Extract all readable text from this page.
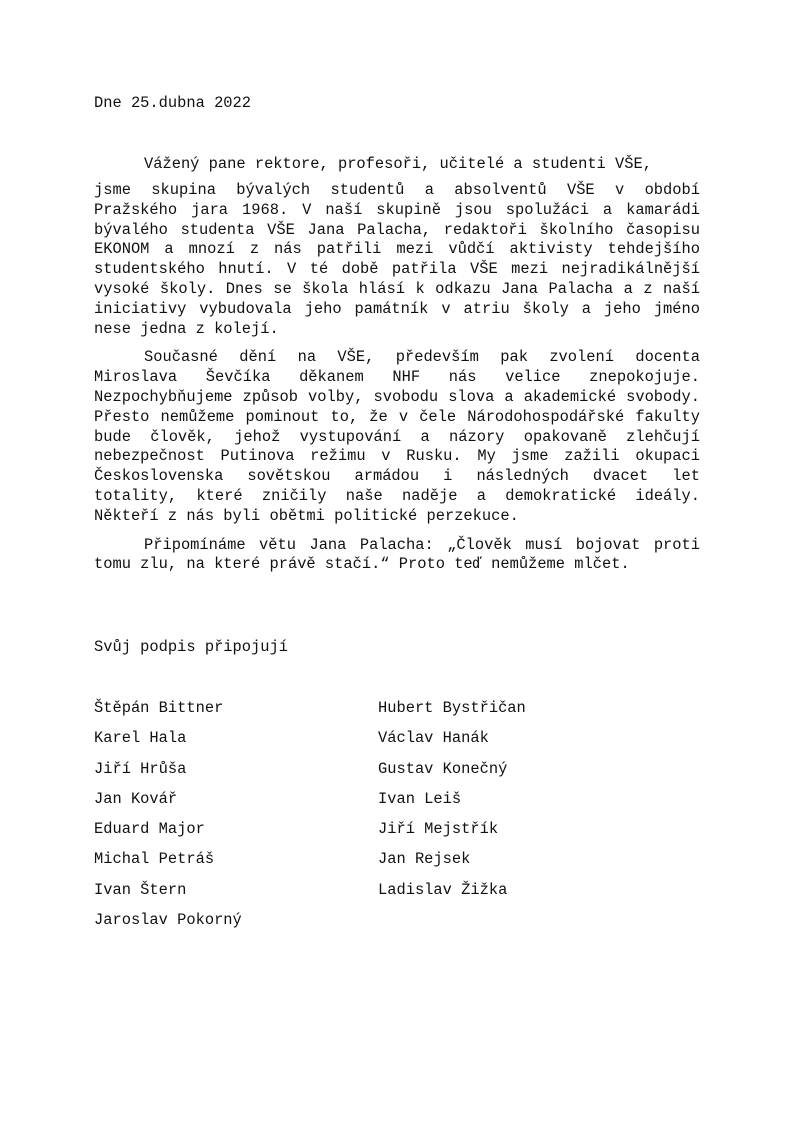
Dne 25.dubna 2022

Vážený pane rektore, profesoři, učitelé a studenti VŠE,

jsme skupina bývalých studentů a absolventů VŠE v období Pražského jara 1968. V naší skupině jsou spolužáci a kamarádi bývalého studenta VŠE Jana Palacha, redaktoři školního časopisu EKONOM a mnozí z nás patřili mezi vůdčí aktivisty tehdejšího studentského hnutí. V té době patřila VŠE mezi nejradikálnější vysoké školy. Dnes se škola hlásí k odkazu Jana Palacha a z naší iniciativy vybudovala jeho památník v atriu školy a jeho jméno nese jedna z kolejí.

Současné dění na VŠE, především pak zvolení docenta Miroslava Ševčíka děkanem NHF nás velice znepokojuje. Nezpochybňujeme způsob volby, svobodu slova a akademické svobody. Přesto nemůžeme pominout to, že v čele Národohospodářské fakulty bude člověk, jehož vystupování a názory opakovaně zlehčují nebezpečnost Putinova režimu v Rusku. My jsme zažili okupaci Československa sovětskou armádou i následných dvacet let totality, které zničily naše naděje a demokratické ideály. Někteří z nás byli obětmi politické perzekuce.

Připomínáme větu Jana Palacha: „Člověk musí bojovat proti tomu zlu, na které právě stačí.“ Proto teď nemůžeme mlčet.

Svůj podpis připojují

Štěpán Bittner	Hubert Bystřičan
Karel Hala	Václav Hanák
Jiří Hrůša	Gustav Konečný
Jan Kovář	Ivan Leiš
Eduard Major	Jiří Mejstřík
Michal Petráš	Jan Rejsek
Ivan Štern	Ladislav Žižka
Jaroslav Pokorný
